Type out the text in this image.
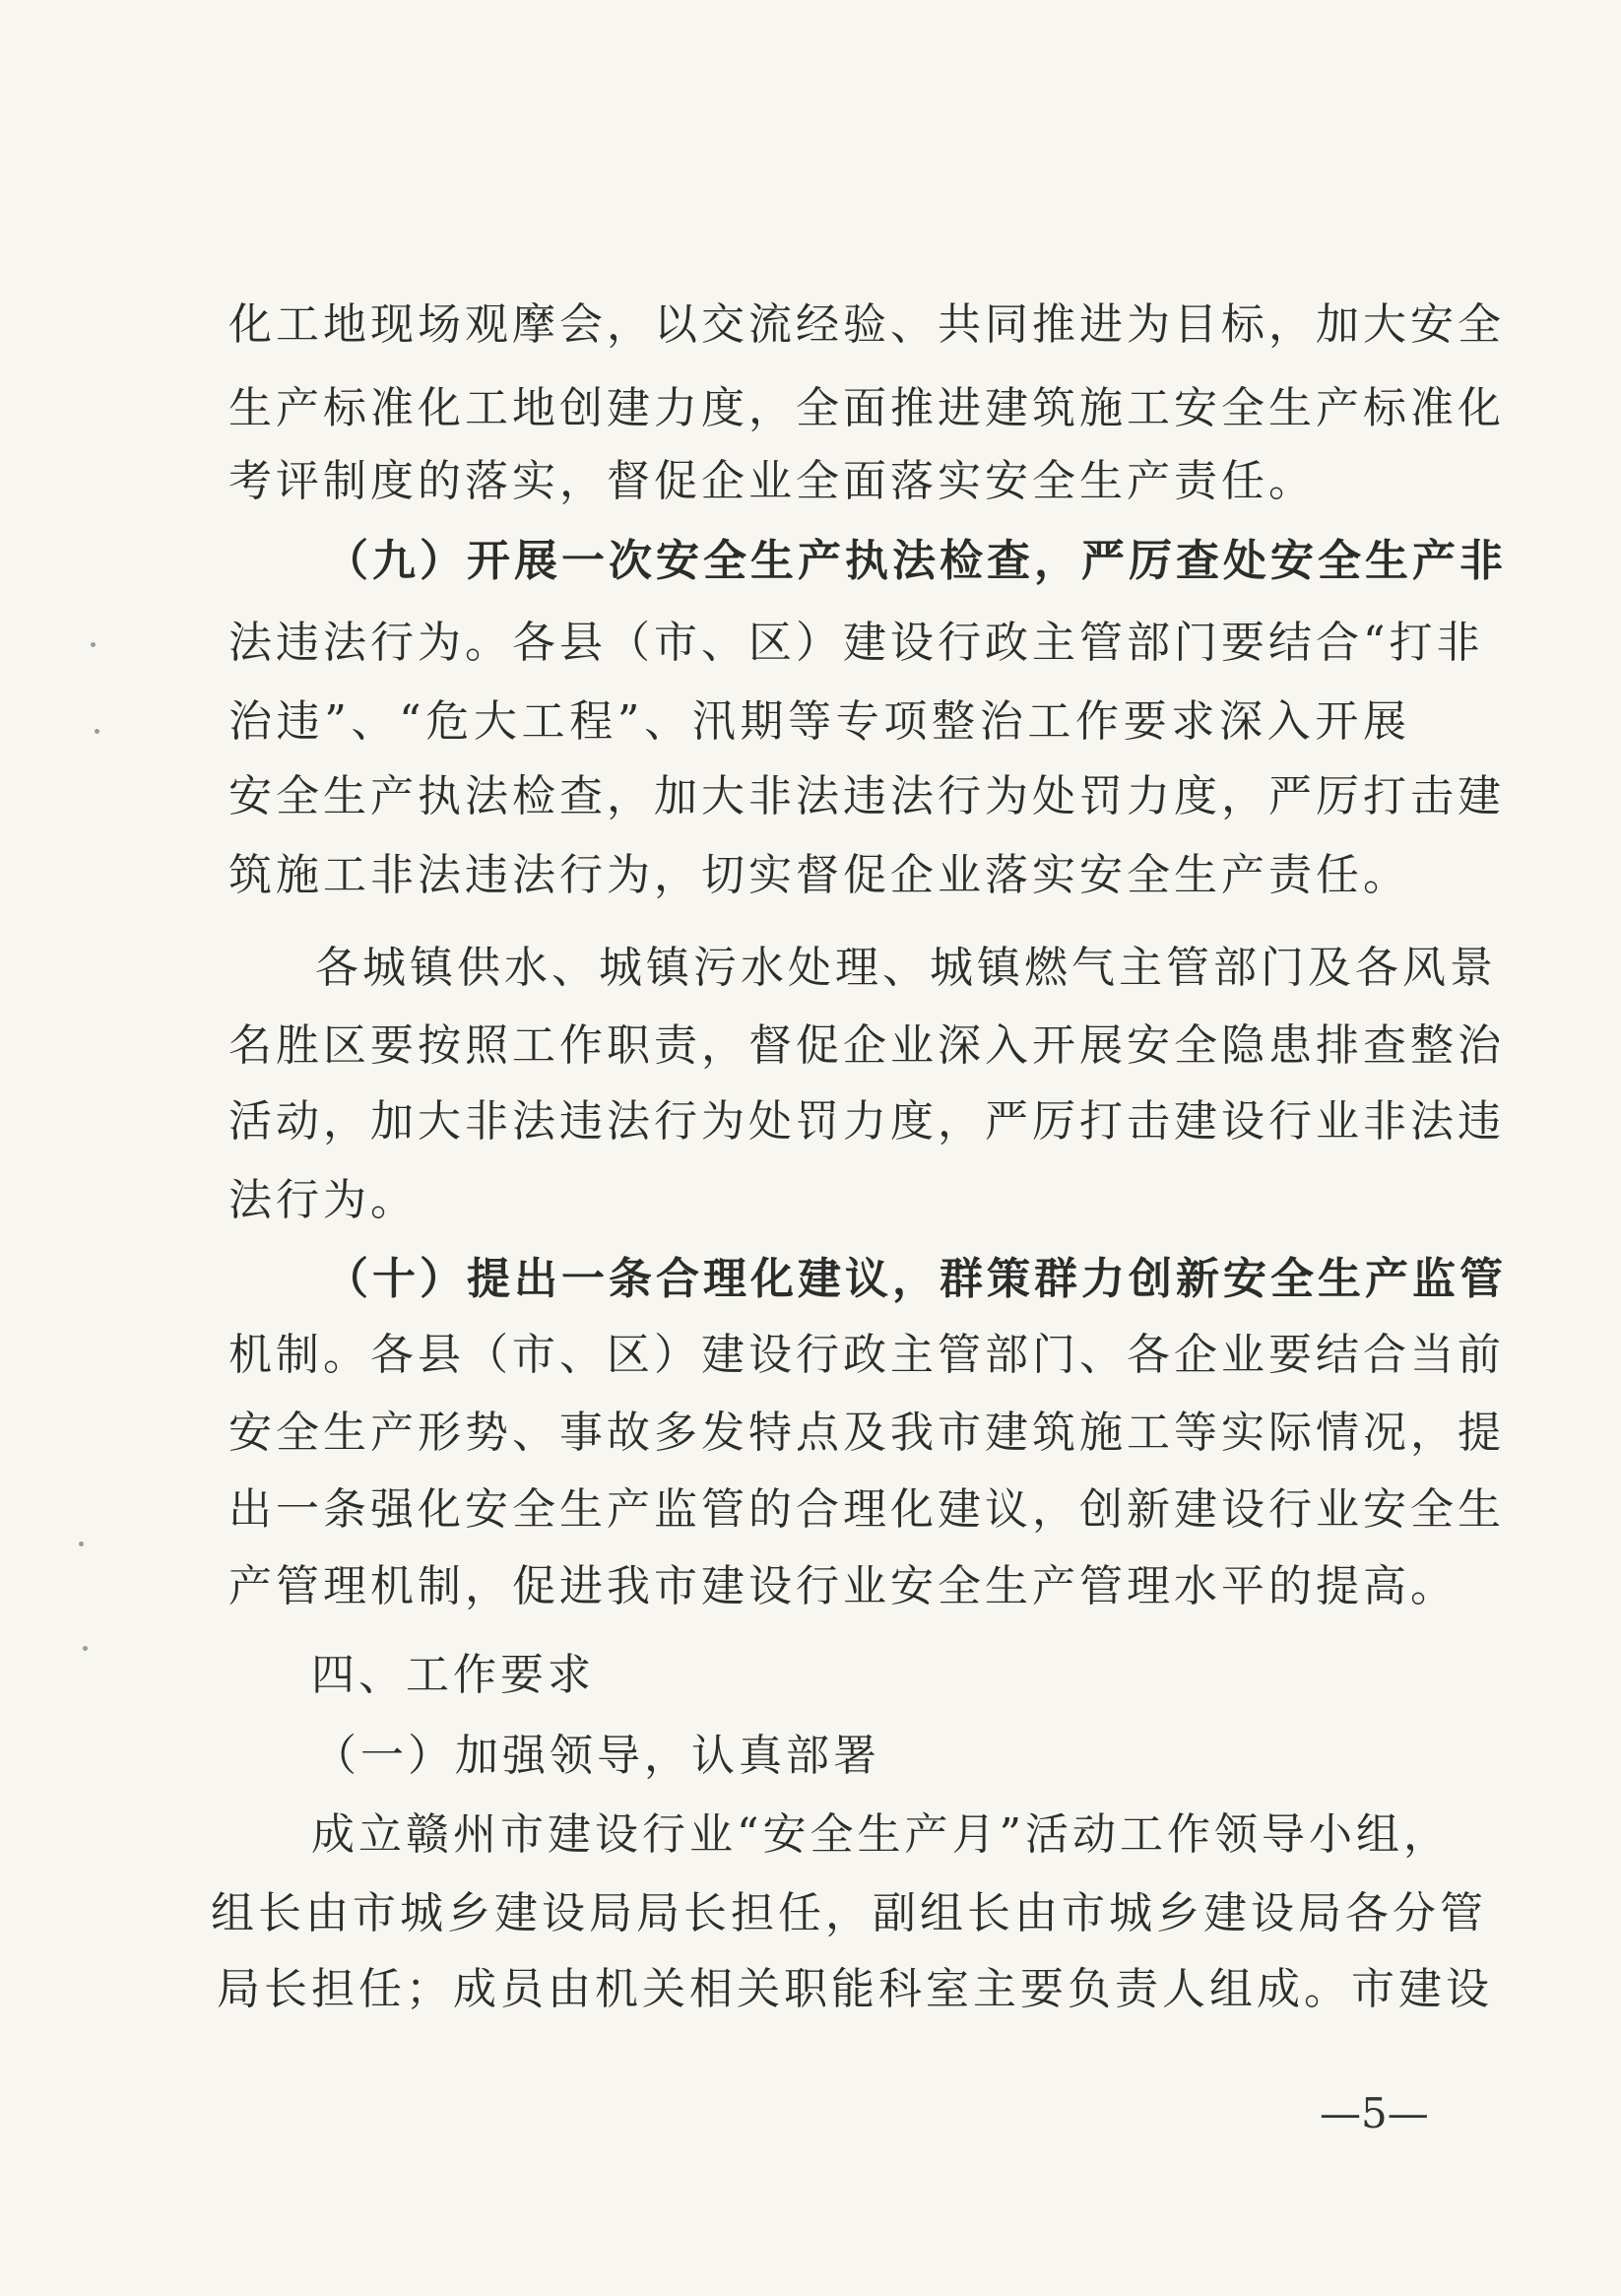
化工地现场观摩会，以交流经验、共同推进为目标，加大安全
生产标准化工地创建力度，全面推进建筑施工安全生产标准化
考评制度的落实，督促企业全面落实安全生产责任。
（九）开展一次安全生产执法检查，严厉查处安全生产非
法违法行为。各县（市、区）建设行政主管部门要结合“打非
治违”、“危大工程”、汛期等专项整治工作要求深入开展
安全生产执法检查，加大非法违法行为处罚力度，严厉打击建
筑施工非法违法行为，切实督促企业落实安全生产责任。
各城镇供水、城镇污水处理、城镇燃气主管部门及各风景
名胜区要按照工作职责，督促企业深入开展安全隐患排查整治
活动，加大非法违法行为处罚力度，严厉打击建设行业非法违
法行为。
（十）提出一条合理化建议，群策群力创新安全生产监管
机制。各县（市、区）建设行政主管部门、各企业要结合当前
安全生产形势、事故多发特点及我市建筑施工等实际情况，提
出一条强化安全生产监管的合理化建议，创新建设行业安全生
产管理机制，促进我市建设行业安全生产管理水平的提高。
四、工作要求
（一）加强领导，认真部署
成立赣州市建设行业“安全生产月”活动工作领导小组，
组长由市城乡建设局局长担任，副组长由市城乡建设局各分管
局长担任；成员由机关相关职能科室主要负责人组成。市建设
—5—
